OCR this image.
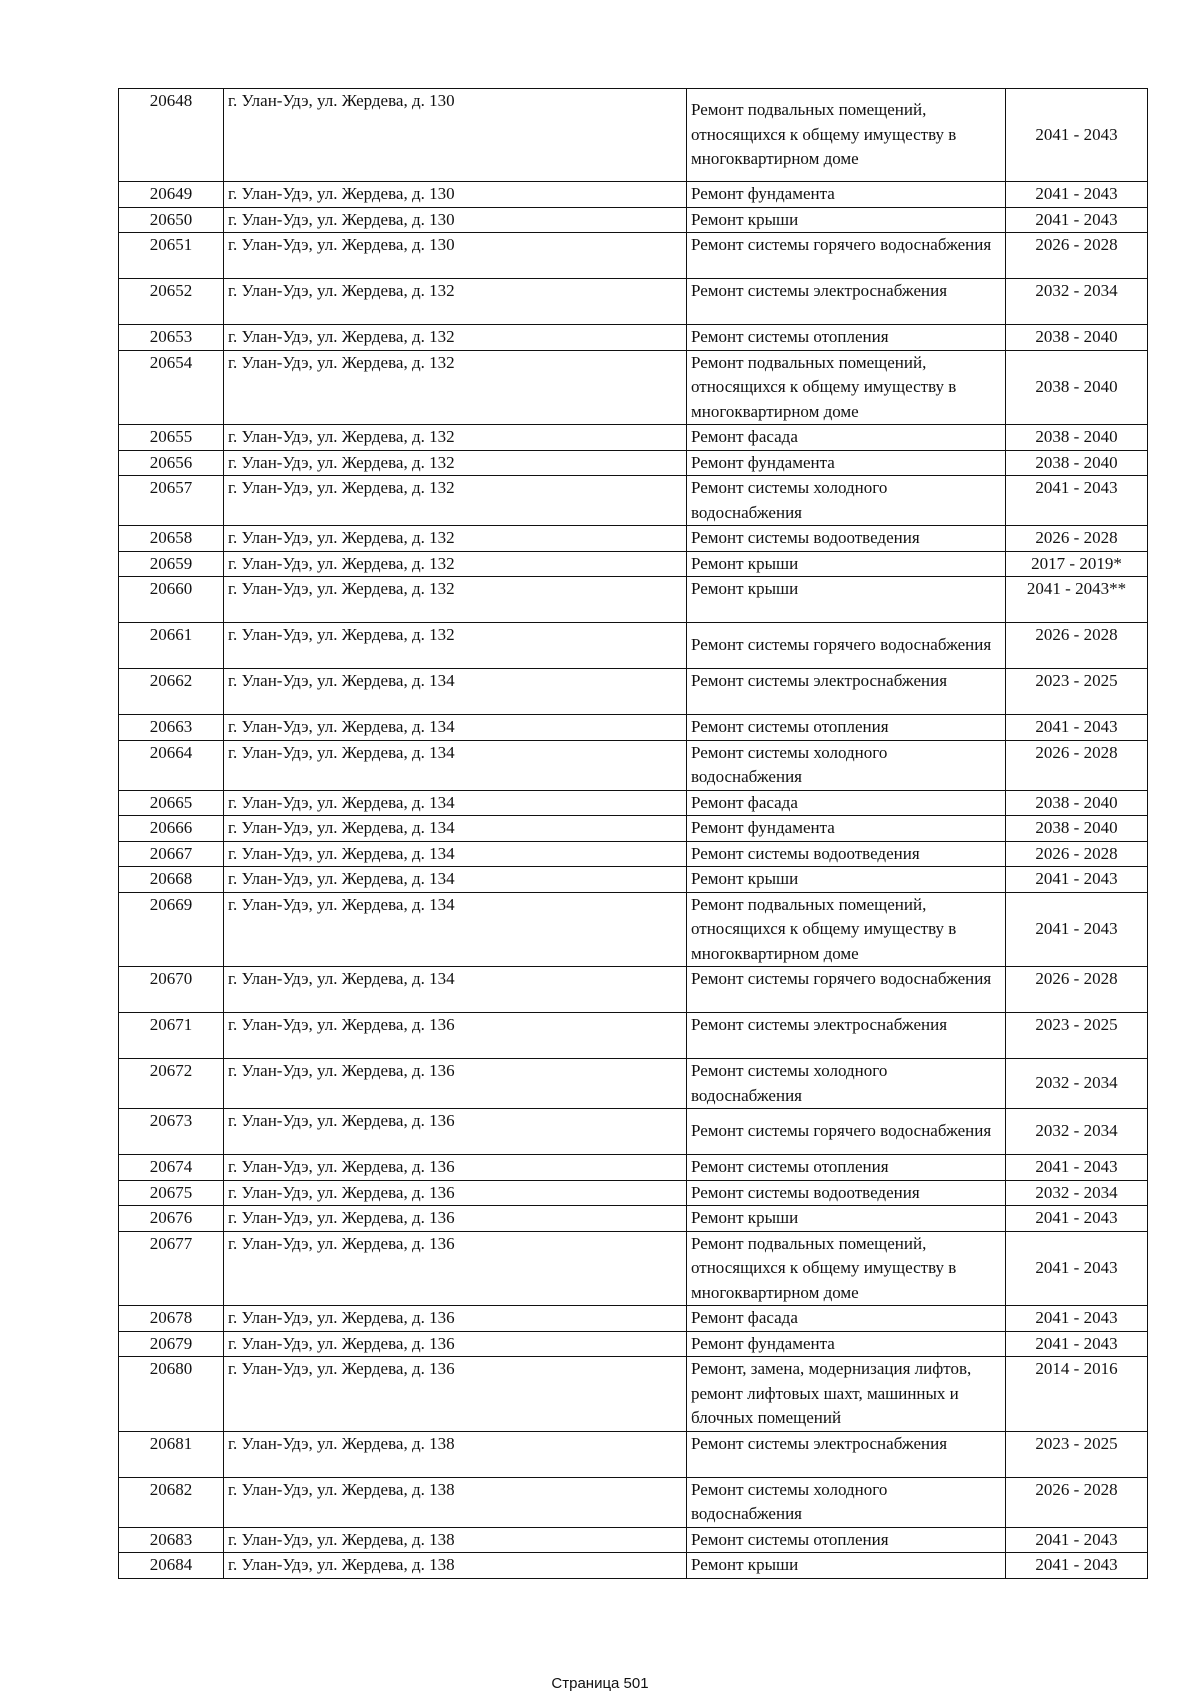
20648	г. Улан-Удэ, ул. Жердева, д. 130	Ремонт подвальных помещений, относящихся к общему имуществу в многоквартирном доме	2041 - 2043
20649	г. Улан-Удэ, ул. Жердева, д. 130	Ремонт фундамента	2041 - 2043
20650	г. Улан-Удэ, ул. Жердева, д. 130	Ремонт крыши	2041 - 2043
20651	г. Улан-Удэ, ул. Жердева, д. 130	Ремонт системы горячего водоснабжения	2026 - 2028
20652	г. Улан-Удэ, ул. Жердева, д. 132	Ремонт системы электроснабжения	2032 - 2034
20653	г. Улан-Удэ, ул. Жердева, д. 132	Ремонт системы отопления	2038 - 2040
20654	г. Улан-Удэ, ул. Жердева, д. 132	Ремонт подвальных помещений, относящихся к общему имуществу в многоквартирном доме	2038 - 2040
20655	г. Улан-Удэ, ул. Жердева, д. 132	Ремонт фасада	2038 - 2040
20656	г. Улан-Удэ, ул. Жердева, д. 132	Ремонт фундамента	2038 - 2040
20657	г. Улан-Удэ, ул. Жердева, д. 132	Ремонт системы холодного водоснабжения	2041 - 2043
20658	г. Улан-Удэ, ул. Жердева, д. 132	Ремонт системы водоотведения	2026 - 2028
20659	г. Улан-Удэ, ул. Жердева, д. 132	Ремонт крыши	2017 - 2019*
20660	г. Улан-Удэ, ул. Жердева, д. 132	Ремонт крыши	2041 - 2043**
20661	г. Улан-Удэ, ул. Жердева, д. 132	Ремонт системы горячего водоснабжения	2026 - 2028
20662	г. Улан-Удэ, ул. Жердева, д. 134	Ремонт системы электроснабжения	2023 - 2025
20663	г. Улан-Удэ, ул. Жердева, д. 134	Ремонт системы отопления	2041 - 2043
20664	г. Улан-Удэ, ул. Жердева, д. 134	Ремонт системы холодного водоснабжения	2026 - 2028
20665	г. Улан-Удэ, ул. Жердева, д. 134	Ремонт фасада	2038 - 2040
20666	г. Улан-Удэ, ул. Жердева, д. 134	Ремонт фундамента	2038 - 2040
20667	г. Улан-Удэ, ул. Жердева, д. 134	Ремонт системы водоотведения	2026 - 2028
20668	г. Улан-Удэ, ул. Жердева, д. 134	Ремонт крыши	2041 - 2043
20669	г. Улан-Удэ, ул. Жердева, д. 134	Ремонт подвальных помещений, относящихся к общему имуществу в многоквартирном доме	2041 - 2043
20670	г. Улан-Удэ, ул. Жердева, д. 134	Ремонт системы горячего водоснабжения	2026 - 2028
20671	г. Улан-Удэ, ул. Жердева, д. 136	Ремонт системы электроснабжения	2023 - 2025
20672	г. Улан-Удэ, ул. Жердева, д. 136	Ремонт системы холодного водоснабжения	2032 - 2034
20673	г. Улан-Удэ, ул. Жердева, д. 136	Ремонт системы горячего водоснабжения	2032 - 2034
20674	г. Улан-Удэ, ул. Жердева, д. 136	Ремонт системы отопления	2041 - 2043
20675	г. Улан-Удэ, ул. Жердева, д. 136	Ремонт системы водоотведения	2032 - 2034
20676	г. Улан-Удэ, ул. Жердева, д. 136	Ремонт крыши	2041 - 2043
20677	г. Улан-Удэ, ул. Жердева, д. 136	Ремонт подвальных помещений, относящихся к общему имуществу в многоквартирном доме	2041 - 2043
20678	г. Улан-Удэ, ул. Жердева, д. 136	Ремонт фасада	2041 - 2043
20679	г. Улан-Удэ, ул. Жердева, д. 136	Ремонт фундамента	2041 - 2043
20680	г. Улан-Удэ, ул. Жердева, д. 136	Ремонт, замена, модернизация лифтов, ремонт лифтовых шахт, машинных и блочных помещений	2014 - 2016
20681	г. Улан-Удэ, ул. Жердева, д. 138	Ремонт системы электроснабжения	2023 - 2025
20682	г. Улан-Удэ, ул. Жердева, д. 138	Ремонт системы холодного водоснабжения	2026 - 2028
20683	г. Улан-Удэ, ул. Жердева, д. 138	Ремонт системы отопления	2041 - 2043
20684	г. Улан-Удэ, ул. Жердева, д. 138	Ремонт крыши	2041 - 2043
Страница 501
